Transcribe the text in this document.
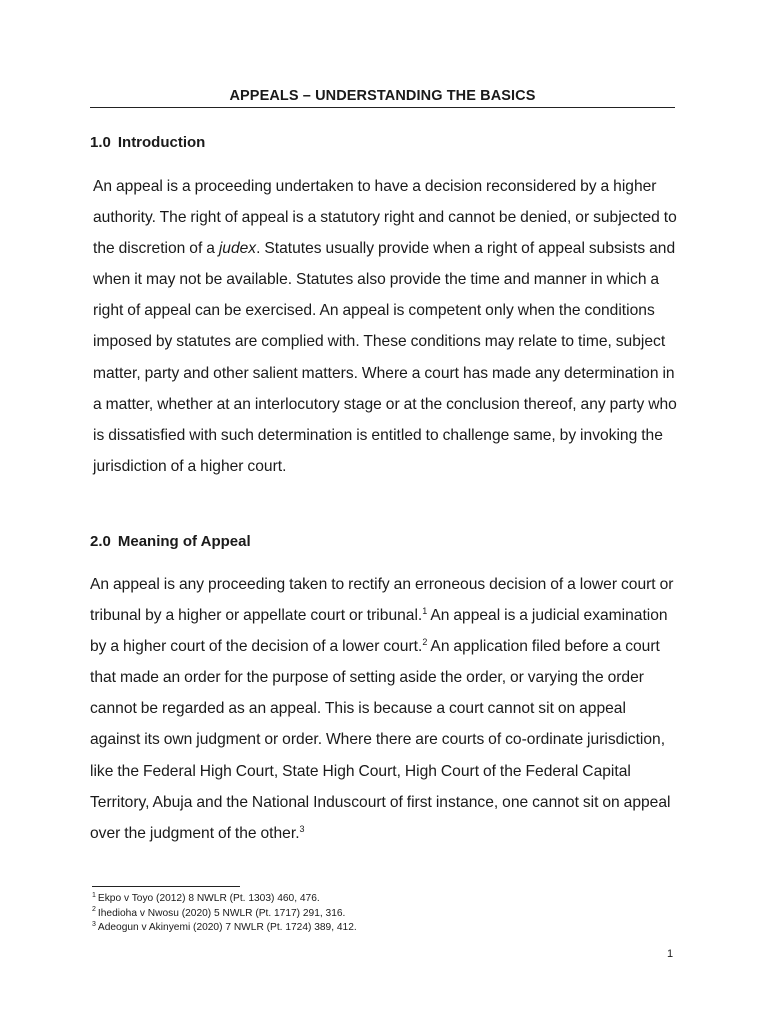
APPEALS – UNDERSTANDING THE BASICS
1.0 Introduction

An appeal is a proceeding undertaken to have a decision reconsidered by a higher authority. The right of appeal is a statutory right and cannot be denied, or subjected to the discretion of a judex. Statutes usually provide when a right of appeal subsists and when it may not be available. Statutes also provide the time and manner in which a right of appeal can be exercised. An appeal is competent only when the conditions imposed by statutes are complied with. These conditions may relate to time, subject matter, party and other salient matters. Where a court has made any determination in a matter, whether at an interlocutory stage or at the conclusion thereof, any party who is dissatisfied with such determination is entitled to challenge same, by invoking the jurisdiction of a higher court.

2.0 Meaning of Appeal

An appeal is any proceeding taken to rectify an erroneous decision of a lower court or tribunal by a higher or appellate court or tribunal.$^1$ An appeal is a judicial examination by a higher court of the decision of a lower court.$^2$ An application filed before a court that made an order for the purpose of setting aside the order, or varying the order cannot be regarded as an appeal. This is because a court cannot sit on appeal against its own judgment or order. Where there are courts of co-ordinate jurisdiction, like the Federal High Court, State High Court, High Court of the Federal Capital Territory, Abuja and the National Induscourt of first instance, one cannot sit on appeal over the judgment of the other.$^3$

$^1$ Ekpo v Toyo (2012) 8 NWLR (Pt. 1303) 460, 476.
$^2$ Ihedioha v Nwosu (2020) 5 NWLR (Pt. 1717) 291, 316.
$^3$ Adeogun v Akinyemi (2020) 7 NWLR (Pt. 1724) 389, 412.
1
